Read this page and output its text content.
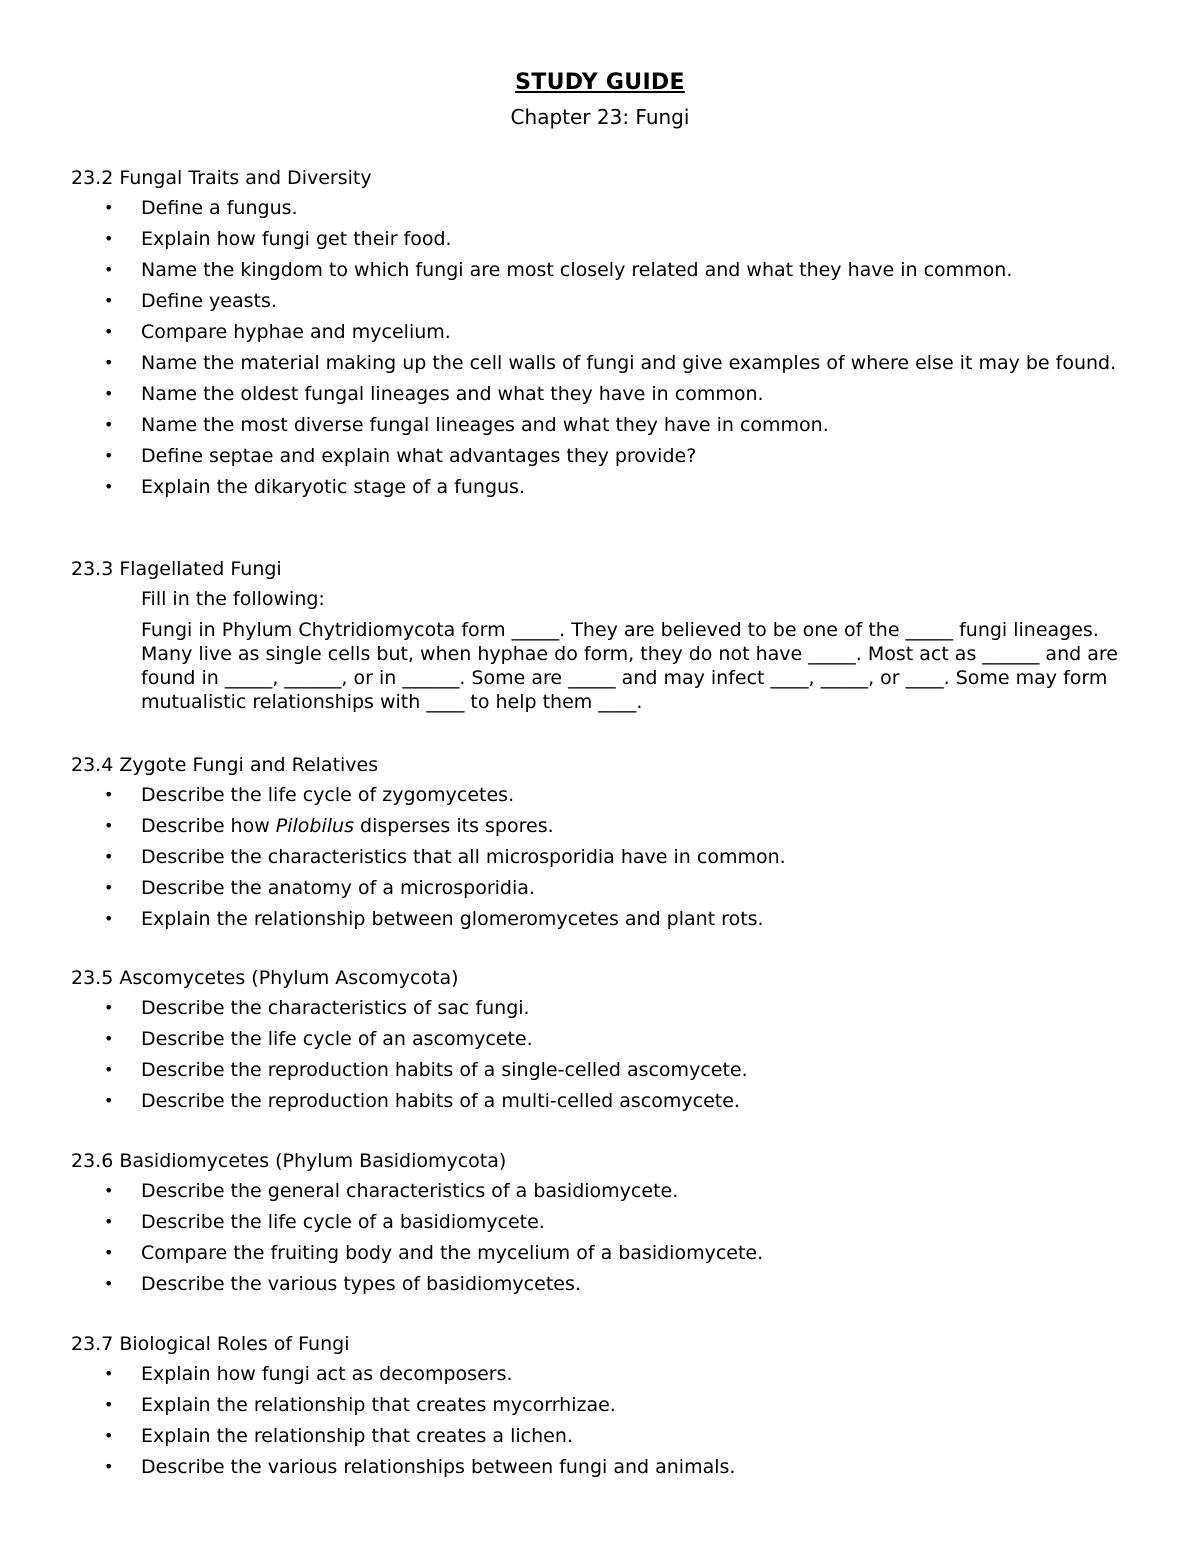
STUDY GUIDE
Chapter 23: Fungi
23.2 Fungal Traits and Diversity
• Define a fungus.
• Explain how fungi get their food.
• Name the kingdom to which fungi are most closely related and what they have in common.
• Define yeasts.
• Compare hyphae and mycelium.
• Name the material making up the cell walls of fungi and give examples of where else it may be found.
• Name the oldest fungal lineages and what they have in common.
• Name the most diverse fungal lineages and what they have in common.
• Define septae and explain what advantages they provide?
• Explain the dikaryotic stage of a fungus.
23.3 Flagellated Fungi
Fill in the following:
Fungi in Phylum Chytridiomycota form _____. They are believed to be one of the _____ fungi lineages. Many live as single cells but, when hyphae do form, they do not have _____. Most act as ______ and are found in _____, ______, or in ______. Some are _____ and may infect ____, _____, or ____. Some may form mutualistic relationships with ____ to help them ____.
23.4 Zygote Fungi and Relatives
• Describe the life cycle of zygomycetes.
• Describe how Pilobilus disperses its spores.
• Describe the characteristics that all microsporidia have in common.
• Describe the anatomy of a microsporidia.
• Explain the relationship between glomeromycetes and plant rots.
23.5 Ascomycetes (Phylum Ascomycota)
• Describe the characteristics of sac fungi.
• Describe the life cycle of an ascomycete.
• Describe the reproduction habits of a single-celled ascomycete.
• Describe the reproduction habits of a multi-celled ascomycete.
23.6 Basidiomycetes (Phylum Basidiomycota)
• Describe the general characteristics of a basidiomycete.
• Describe the life cycle of a basidiomycete.
• Compare the fruiting body and the mycelium of a basidiomycete.
• Describe the various types of basidiomycetes.
23.7 Biological Roles of Fungi
• Explain how fungi act as decomposers.
• Explain the relationship that creates mycorrhizae.
• Explain the relationship that creates a lichen.
• Describe the various relationships between fungi and animals.
